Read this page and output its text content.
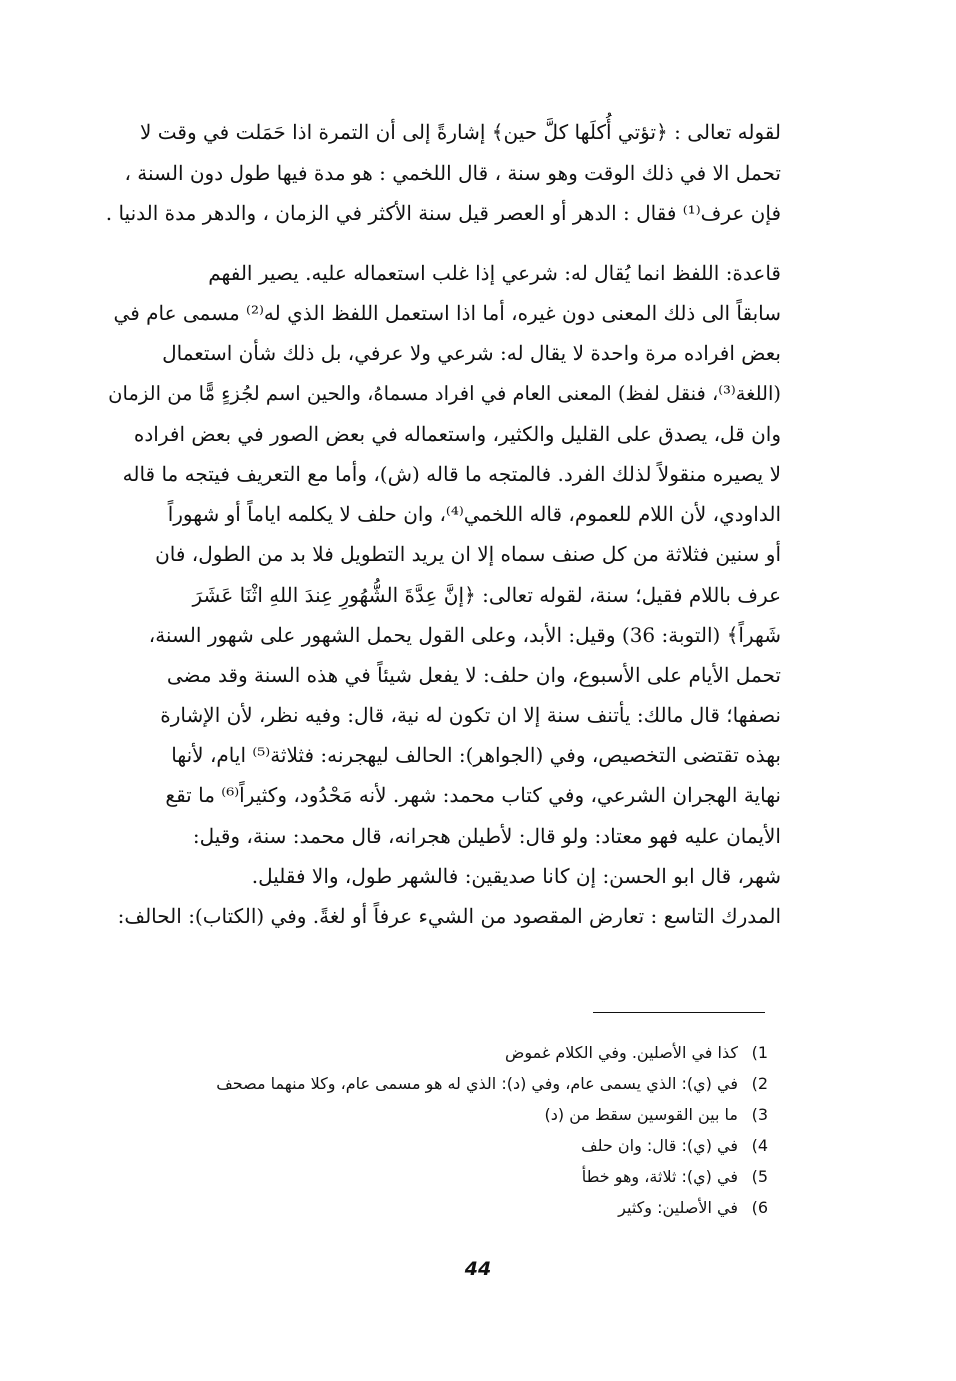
لقوله تعالى : ﴿تؤتي أُكلَها كلَّ حين﴾ إشارةً إلى أن التمرة اذا حَمَلت في وقت لا
تحمل الا في ذلك الوقت وهو سنة ، قال اللخمي : هو مدة فيها طول دون السنة ،
فإن عرف⁽¹⁾ فقال : الدهر أو العصر قيل سنة الأكثر في الزمان ، والدهر مدة الدنيا .
قاعدة: اللفظ انما يُقال له: شرعي إذا غلب استعماله عليه. يصير الفهم
سابقاً الى ذلك المعنى دون غيره، أما اذا استعمل اللفظ الذي له⁽²⁾ مسمى عام في
بعض افراده مرة واحدة لا يقال له: شرعي ولا عرفي، بل ذلك شأن استعمال
(اللغة⁽³⁾، فنقل لفظ) المعنى العام في افراد مسماهُ، والحين اسم لجُزءٍ مًّا من الزمان
وان قل، يصدق على القليل والكثير، واستعماله في بعض الصور في بعض افراده
لا يصيره منقولاً لذلك الفرد. فالمتجه ما قاله (ش)، وأما مع التعريف فيتجه ما قاله
الداودي، لأن اللام للعموم، قاله اللخمي⁽⁴⁾، وان حلف لا يكلمه اياماً أو شهوراً
أو سنين فثلاثة من كل صنف سماه إلا ان يريد التطويل فلا بد من الطول، فان
عرف باللام فقيل؛ سنة، لقوله تعالى: ﴿إنَّ عِدَّةَ الشُّهُورِ عِندَ اللهِ اثْنَا عَشَرَ
شَهراً﴾ (التوبة: 36) وقيل: الأبد، وعلى القول يحمل الشهور على شهور السنة،
تحمل الأيام على الأسبوع، وان حلف: لا يفعل شيئاً في هذه السنة وقد مضى
نصفها؛ قال مالك: يأتنف سنة إلا ان تكون له نية، قال: وفيه نظر، لأن الإشارة
بهذه تقتضى التخصيص، وفي (الجواهر): الحالف ليهجرنه: فثلاثة⁽⁵⁾ ايام، لأنها
نهاية الهجران الشرعي، وفي كتاب محمد: شهر. لأنه مَحْدُود، وكثيراً⁽⁶⁾ ما تقع
الأيمان عليه فهو معتاد: ولو قال: لأطيلن هجرانه، قال محمد: سنة، وقيل:
شهر، قال ابو الحسن: إن كانا صديقين: فالشهر طول، والا فقليل.
المدرك التاسع : تعارض المقصود من الشيء عرفاً أو لغةً. وفي (الكتاب): الحالف:
1)
كذا في الأصلين. وفي الكلام غموض
2)
في (ي): الذي يسمى عام، وفي (د): الذي له هو مسمى عام، وكلا منهما مصحف
3)
ما بين القوسين سقط من (د)
4)
في (ي): قال: وان حلف
5)
في (ي): ثلاثة، وهو خطأ
6)
في الأصلين: وكثير
44
